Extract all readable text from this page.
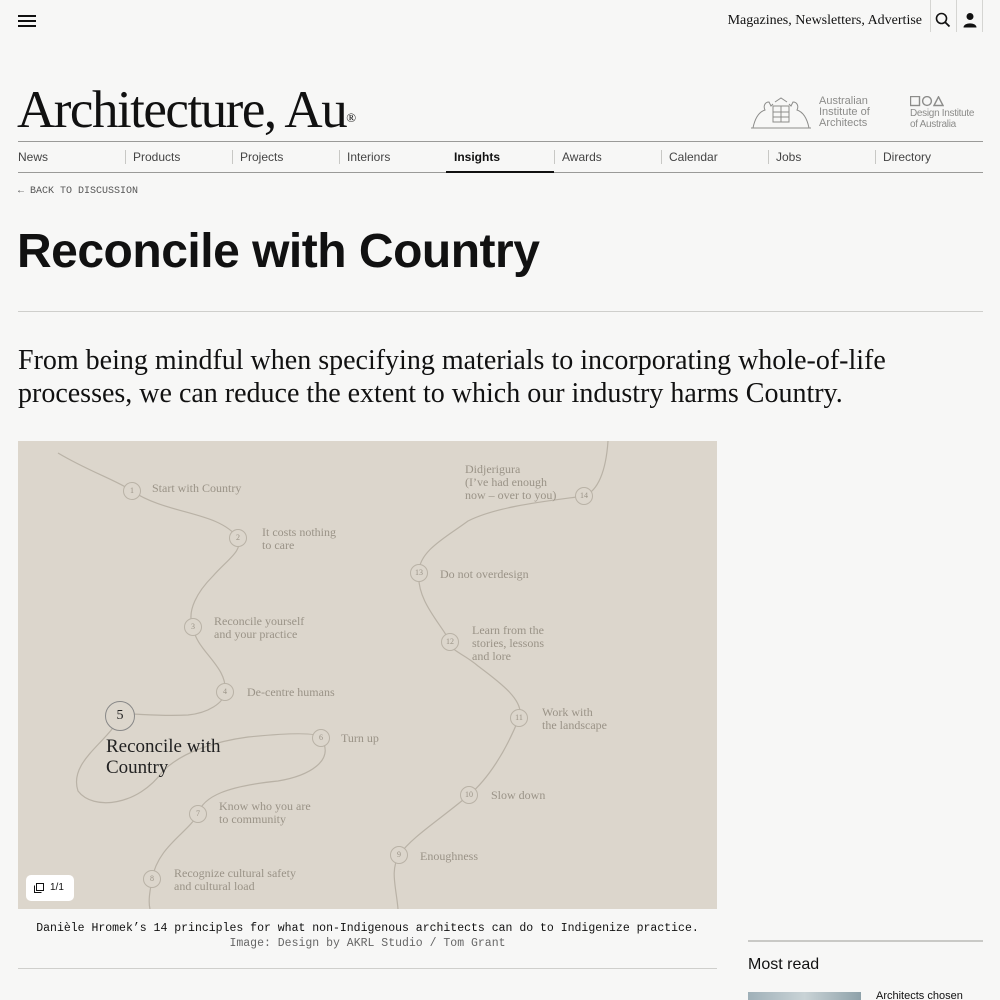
Magazines, Newsletters, Advertise
Architecture, Au®
Australian
Institute of
Architects
Design Institute
of Australia
News	Products	Projects	Interiors	Insights	Awards	Calendar	Jobs	Directory
← BACK TO DISCUSSION
Reconcile with Country

From being mindful when specifying materials to incorporating whole-of-life processes, we can reduce the extent to which our industry harms Country.

1	Start with Country
2	It costs nothing
to care
3	Reconcile yourself
and your practice
4	De-centre humans
5
Reconcile with
Country
6	Turn up
7
Know who you are
to community
8	Recognize cultural safety
and cultural load
9	Enoughness
10	Slow down
11	Work with
the landscape
12
Learn from the
stories, lessons
and lore
13	Do not overdesign
14
Didjerigura
(I’ve had enough
now – over to you)
1/1
Danièle Hromek’s 14 principles for what non-Indigenous architects can do to Indigenize practice.
Image: Design by AKRL Studio / Tom Grant
Most read
Architects chosen
